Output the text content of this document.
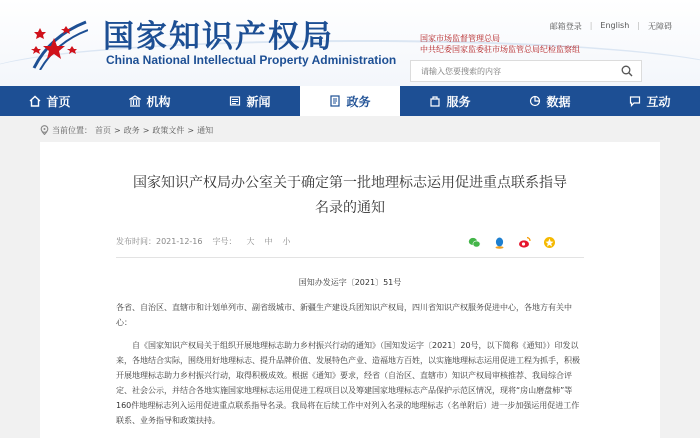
国家知识产权局
China National Intellectual Property Administration
邮箱登录 | English | 无障碍
国家市场监督管理总局
中共纪委国家监委驻市场监管总局纪检监察组
请输入您要搜索的内容
首页	机构	新闻	政务	服务	数据	互动
当前位置： 首页 > 政务 > 政策文件 > 通知
国家知识产权局办公室关于确定第一批地理标志运用促进重点联系指导
名录的通知
发布时间：2021-12-16 字号： 大 中 小
国知办发运字〔2021〕51号
各省、自治区、直辖市和计划单列市、副省级城市、新疆生产建设兵团知识产权局，四川省知识产权服务促进中心，各地方有关中心：
自《国家知识产权局关于组织开展地理标志助力乡村振兴行动的通知》（国知发运字〔2021〕20号，以下简称《通知》）印发以来，各地结合实际，围绕用好地理标志、提升品牌价值、发展特色产业、造福地方百姓，以实施地理标志运用促进工程为抓手，积极开展地理标志助力乡村振兴行动，取得积极成效。根据《通知》要求，经省（自治区、直辖市）知识产权局审核推荐、我局综合评定、社会公示，并结合各地实施国家地理标志运用促进工程项目以及筹建国家地理标志产品保护示范区情况，现将“房山磨盘柿”等160件地理标志列入运用促进重点联系指导名录。我局将在后续工作中对列入名录的地理标志（名单附后）进一步加强运用促进工作联系、业务指导和政策扶持。
